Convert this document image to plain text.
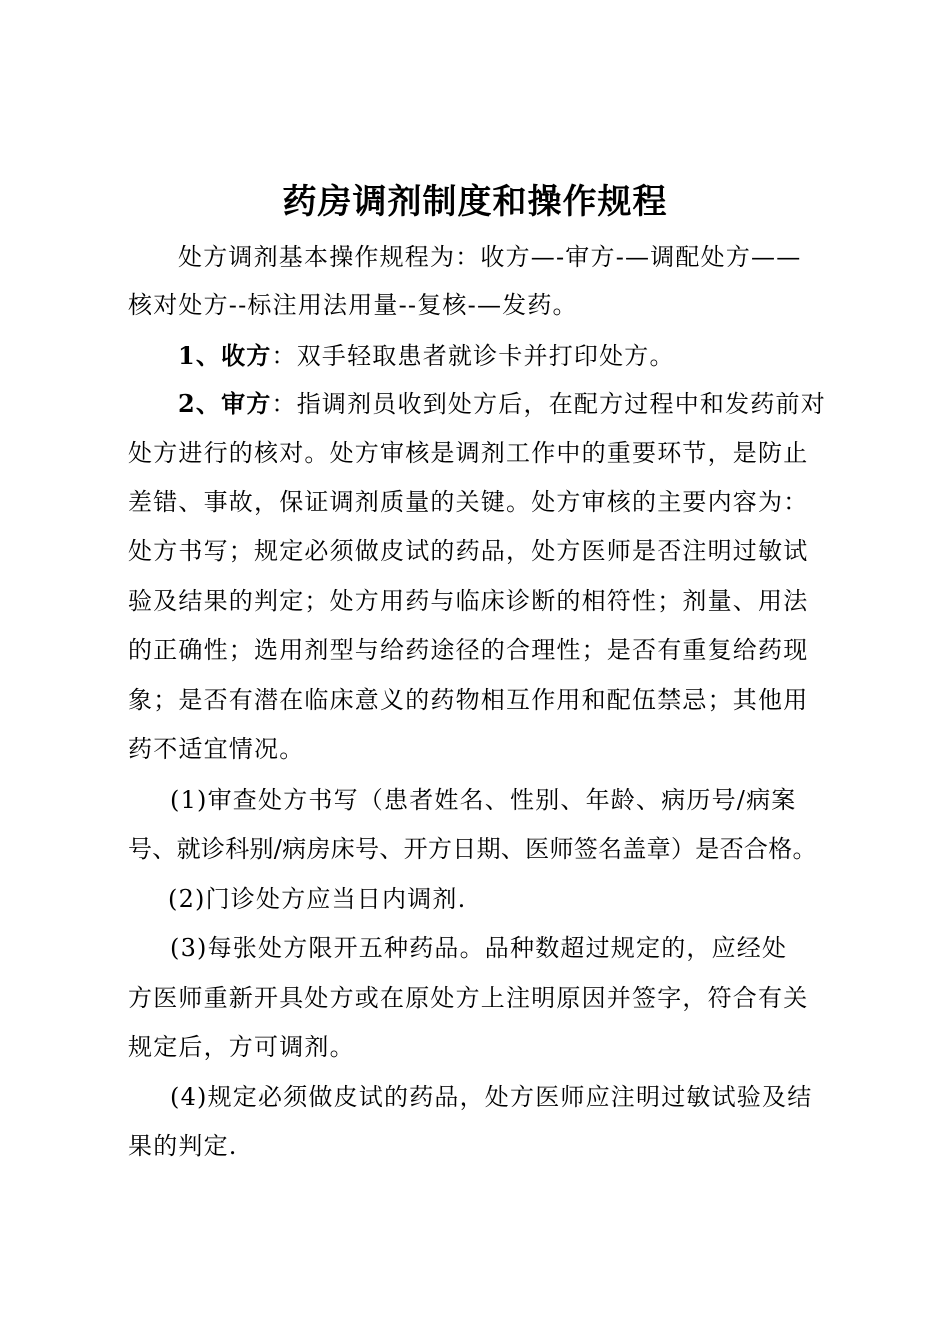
药房调剂制度和操作规程
处方调剂基本操作规程为：收方—-审方-—调配处方——
核对处方--标注用法用量--复核-—发药。
1、收方：双手轻取患者就诊卡并打印处方。
2、审方：指调剂员收到处方后，在配方过程中和发药前对
处方进行的核对。处方审核是调剂工作中的重要环节，是防止
差错、事故，保证调剂质量的关键。处方审核的主要内容为：
处方书写；规定必须做皮试的药品，处方医师是否注明过敏试
验及结果的判定；处方用药与临床诊断的相符性；剂量、用法
的正确性；选用剂型与给药途径的合理性；是否有重复给药现
象；是否有潜在临床意义的药物相互作用和配伍禁忌；其他用
药不适宜情况。
(1)审查处方书写（患者姓名、性别、年龄、病历号/病案
号、就诊科别/病房床号、开方日期、医师签名盖章）是否合格。
(2)门诊处方应当日内调剂.
(3)每张处方限开五种药品。品种数超过规定的，应经处
方医师重新开具处方或在原处方上注明原因并签字，符合有关
规定后，方可调剂。
(4)规定必须做皮试的药品，处方医师应注明过敏试验及结
果的判定.
